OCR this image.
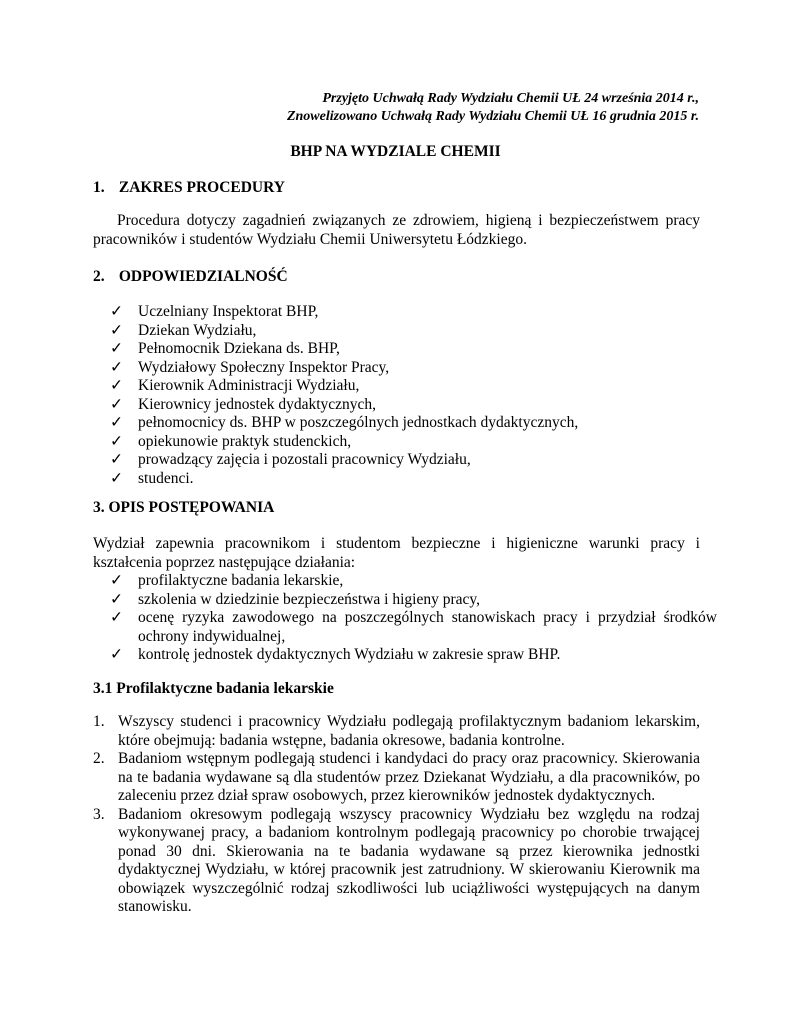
Przyjęto Uchwałą Rady Wydziału Chemii UŁ 24 września 2014 r.,
Znowelizowano Uchwałą Rady Wydziału Chemii UŁ 16 grudnia 2015 r.
BHP NA WYDZIALE CHEMII
1. ZAKRES PROCEDURY
Procedura dotyczy zagadnień związanych ze zdrowiem, higieną i bezpieczeństwem pracy pracowników i studentów Wydziału Chemii Uniwersytetu Łódzkiego.
2. ODPOWIEDZIALNOŚĆ
✓ Uczelniany Inspektorat BHP,
✓ Dziekan Wydziału,
✓ Pełnomocnik Dziekana ds. BHP,
✓ Wydziałowy Społeczny Inspektor Pracy,
✓ Kierownik Administracji Wydziału,
✓ Kierownicy jednostek dydaktycznych,
✓ pełnomocnicy ds. BHP w poszczególnych jednostkach dydaktycznych,
✓ opiekunowie praktyk studenckich,
✓ prowadzący zajęcia i pozostali pracownicy Wydziału,
✓ studenci.
3. OPIS POSTĘPOWANIA
Wydział zapewnia pracownikom i studentom bezpieczne i higieniczne warunki pracy i kształcenia poprzez następujące działania:
✓ profilaktyczne badania lekarskie,
✓ szkolenia w dziedzinie bezpieczeństwa i higieny pracy,
✓ ocenę ryzyka zawodowego na poszczególnych stanowiskach pracy i przydział środków ochrony indywidualnej,
✓ kontrolę jednostek dydaktycznych Wydziału w zakresie spraw BHP.
3.1 Profilaktyczne badania lekarskie
1. Wszyscy studenci i pracownicy Wydziału podlegają profilaktycznym badaniom lekarskim, które obejmują: badania wstępne, badania okresowe, badania kontrolne.
2. Badaniom wstępnym podlegają studenci i kandydaci do pracy oraz pracownicy. Skierowania na te badania wydawane są dla studentów przez Dziekanat Wydziału, a dla pracowników, po zaleceniu przez dział spraw osobowych, przez kierowników jednostek dydaktycznych.
3. Badaniom okresowym podlegają wszyscy pracownicy Wydziału bez względu na rodzaj wykonywanej pracy, a badaniom kontrolnym podlegają pracownicy po chorobie trwającej ponad 30 dni. Skierowania na te badania wydawane są przez kierownika jednostki dydaktycznej Wydziału, w której pracownik jest zatrudniony. W skierowaniu Kierownik ma obowiązek wyszczególnić rodzaj szkodliwości lub uciążliwości występujących na danym stanowisku.
